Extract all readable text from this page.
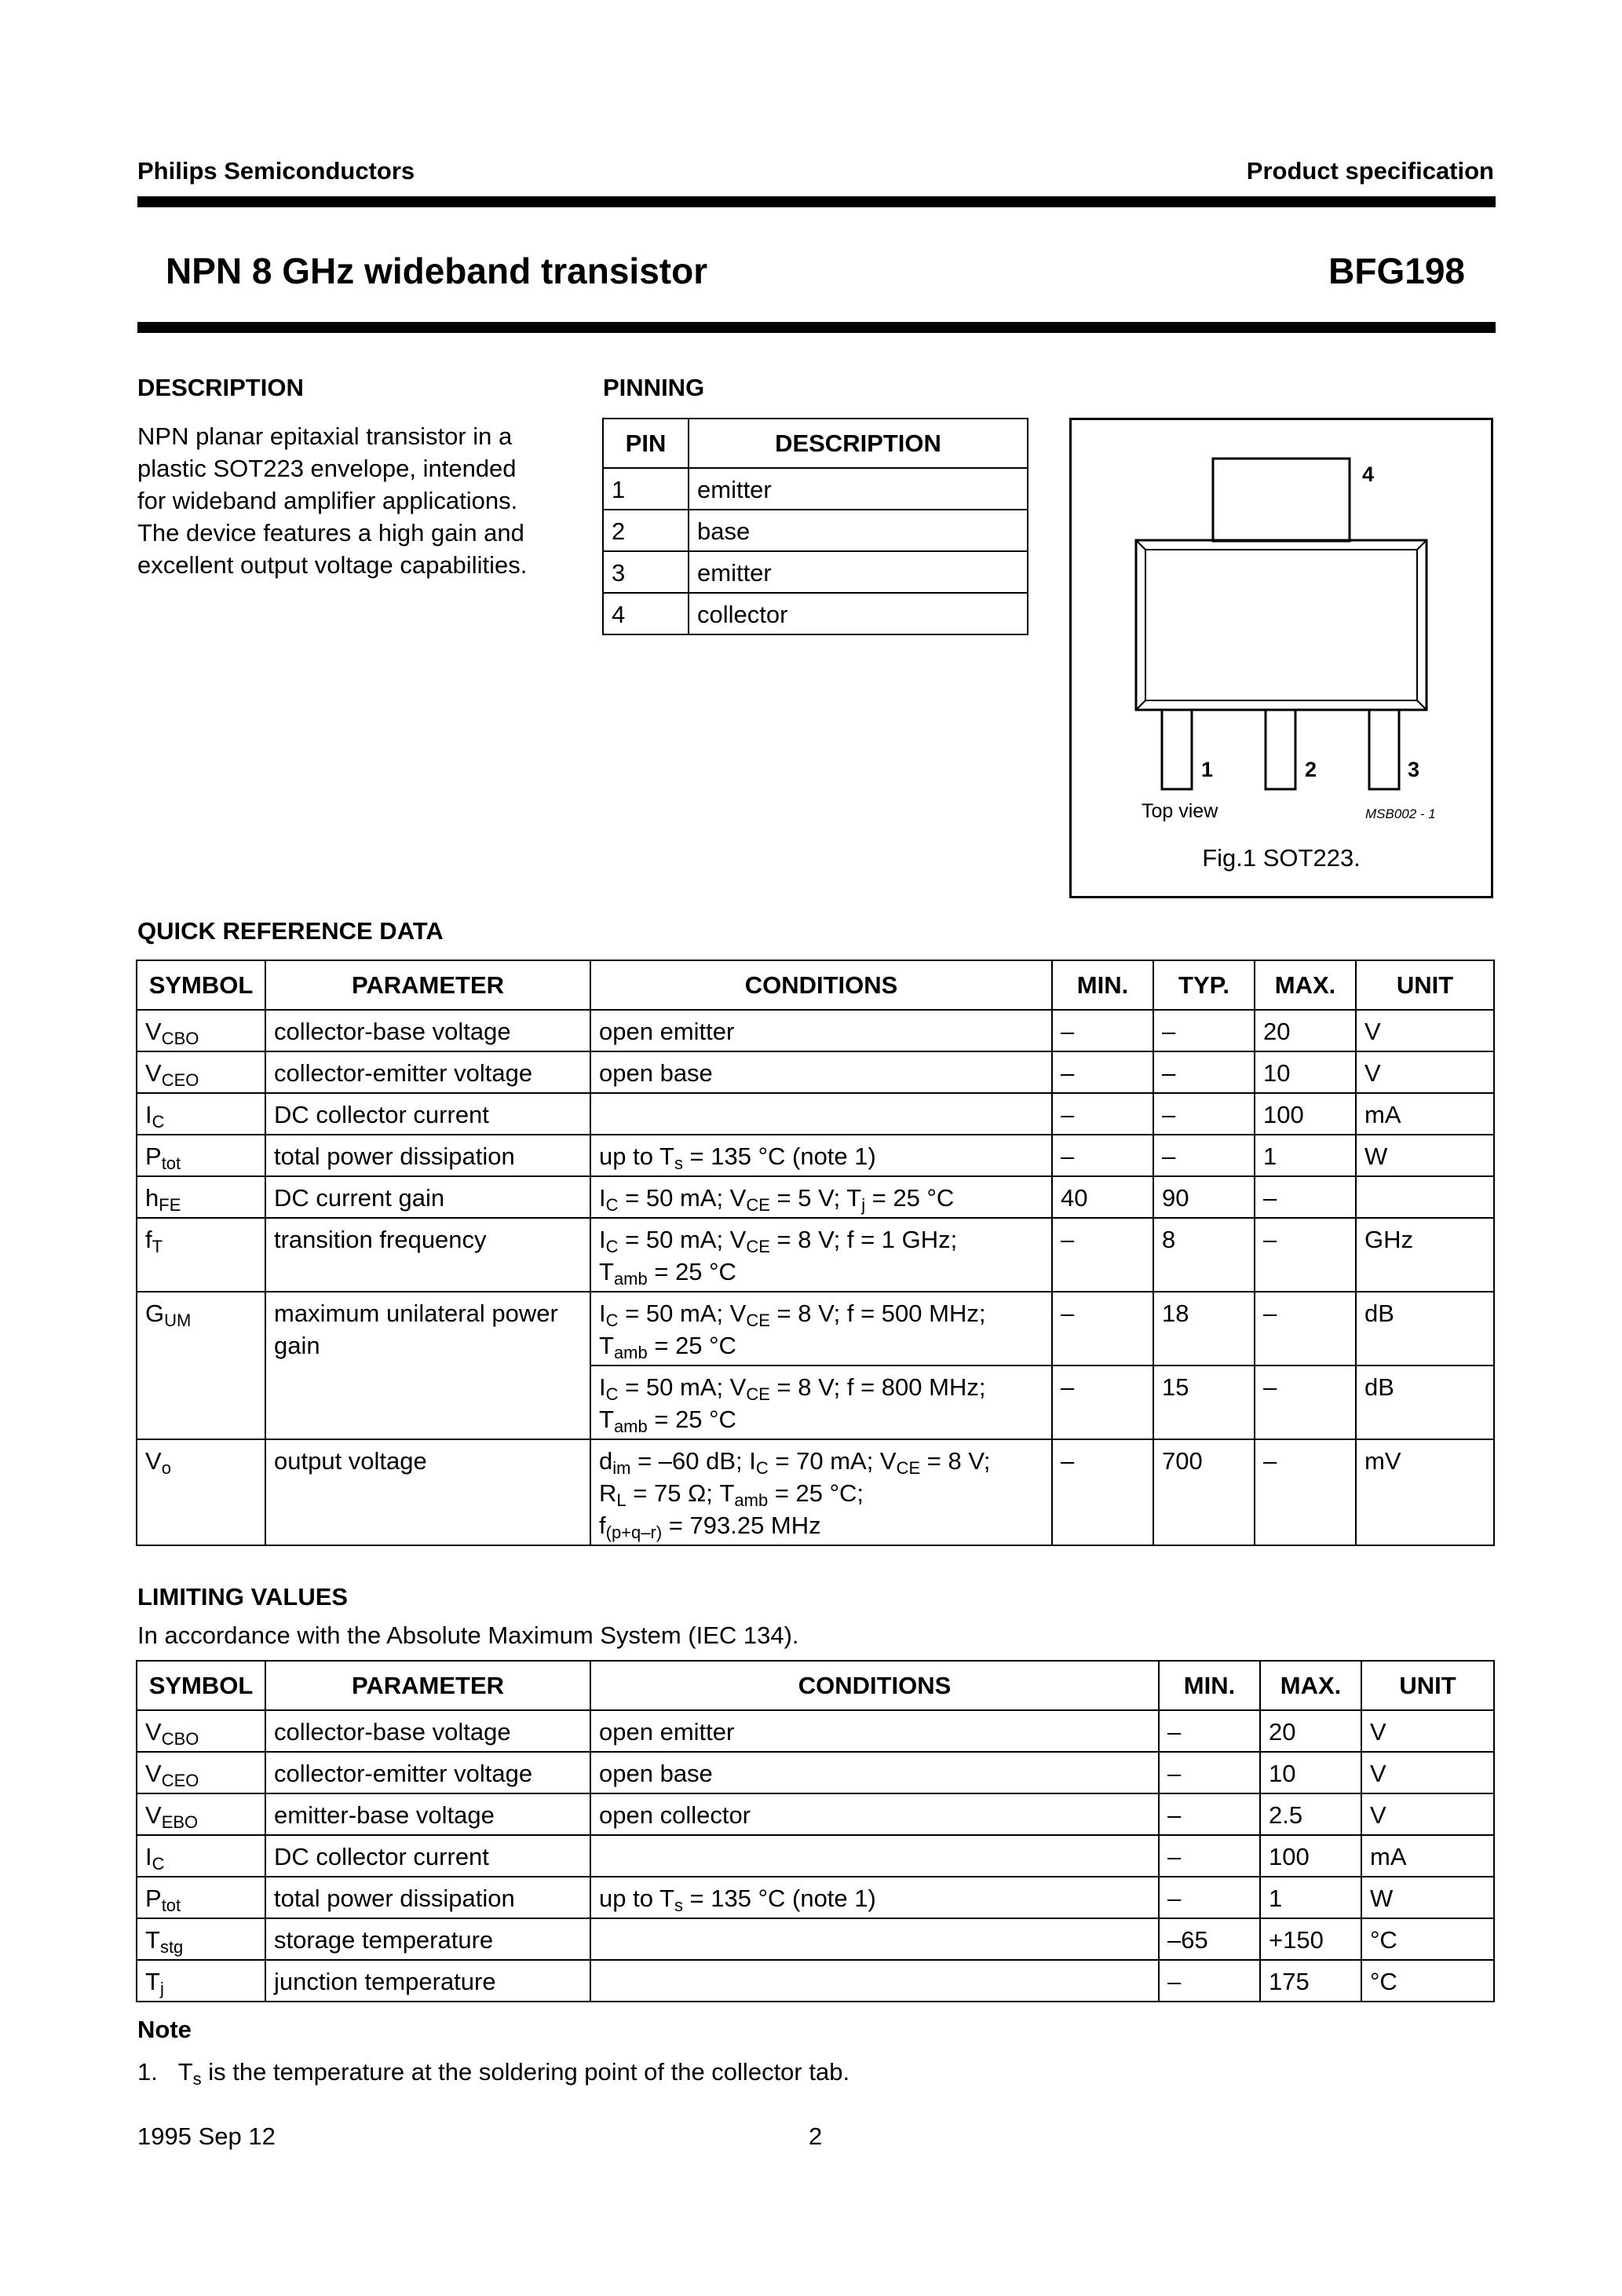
Philips Semiconductors	Product specification
NPN 8 GHz wideband transistor	BFG198
DESCRIPTION
NPN planar epitaxial transistor in a
plastic SOT223 envelope, intended
for wideband amplifier applications.
The device features a high gain and
excellent output voltage capabilities.
PINNING
PIN	DESCRIPTION
1	emitter
2	base
3	emitter
4	collector
4
1	2	3
Top view	MSB002 - 1
Fig.1 SOT223.
QUICK REFERENCE DATA
SYMBOL	PARAMETER	CONDITIONS	MIN.	TYP.	MAX.	UNIT
$V_{CBO}$	collector-base voltage	open emitter	–	–	20	V
$V_{CEO}$	collector-emitter voltage	open base	–	–	10	V
$I_C$	DC collector current		–	–	100	mA
$P_{tot}$	total power dissipation	up to $T_s = 135$ °C (note 1)	–	–	1	W
$h_{FE}$	DC current gain	$I_C = 50$ mA; $V_{CE} = 5$ V; $T_j = 25$ °C	40	90	–	
$f_T$	transition frequency	$I_C = 50$ mA; $V_{CE} = 8$ V; f = 1 GHz;
$T_{amb} = 25$ °C	–	8	–	GHz
$G_{UM}$	maximum unilateral power gain	$I_C = 50$ mA; $V_{CE} = 8$ V; f = 500 MHz;
$T_{amb} = 25$ °C	–	18	–	dB
		$I_C = 50$ mA; $V_{CE} = 8$ V; f = 800 MHz;
$T_{amb} = 25$ °C	–	15	–	dB
$V_o$	output voltage	$d_{im} = -60$ dB; $I_C = 70$ mA; $V_{CE} = 8$ V;
$R_L = 75$ Ω; $T_{amb} = 25$ °C;
$f_{(p+q-r)} = 793.25$ MHz	–	700	–	mV
LIMITING VALUES
In accordance with the Absolute Maximum System (IEC 134).
SYMBOL	PARAMETER	CONDITIONS	MIN.	MAX.	UNIT
$V_{CBO}$	collector-base voltage	open emitter	–	20	V
$V_{CEO}$	collector-emitter voltage	open base	–	10	V
$V_{EBO}$	emitter-base voltage	open collector	–	2.5	V
$I_C$	DC collector current		–	100	mA
$P_{tot}$	total power dissipation	up to $T_s = 135$ °C (note 1)	–	1	W
$T_{stg}$	storage temperature		–65	+150	°C
$T_j$	junction temperature		–	175	°C
Note
1. $T_s$ is the temperature at the soldering point of the collector tab.
1995 Sep 12	2
